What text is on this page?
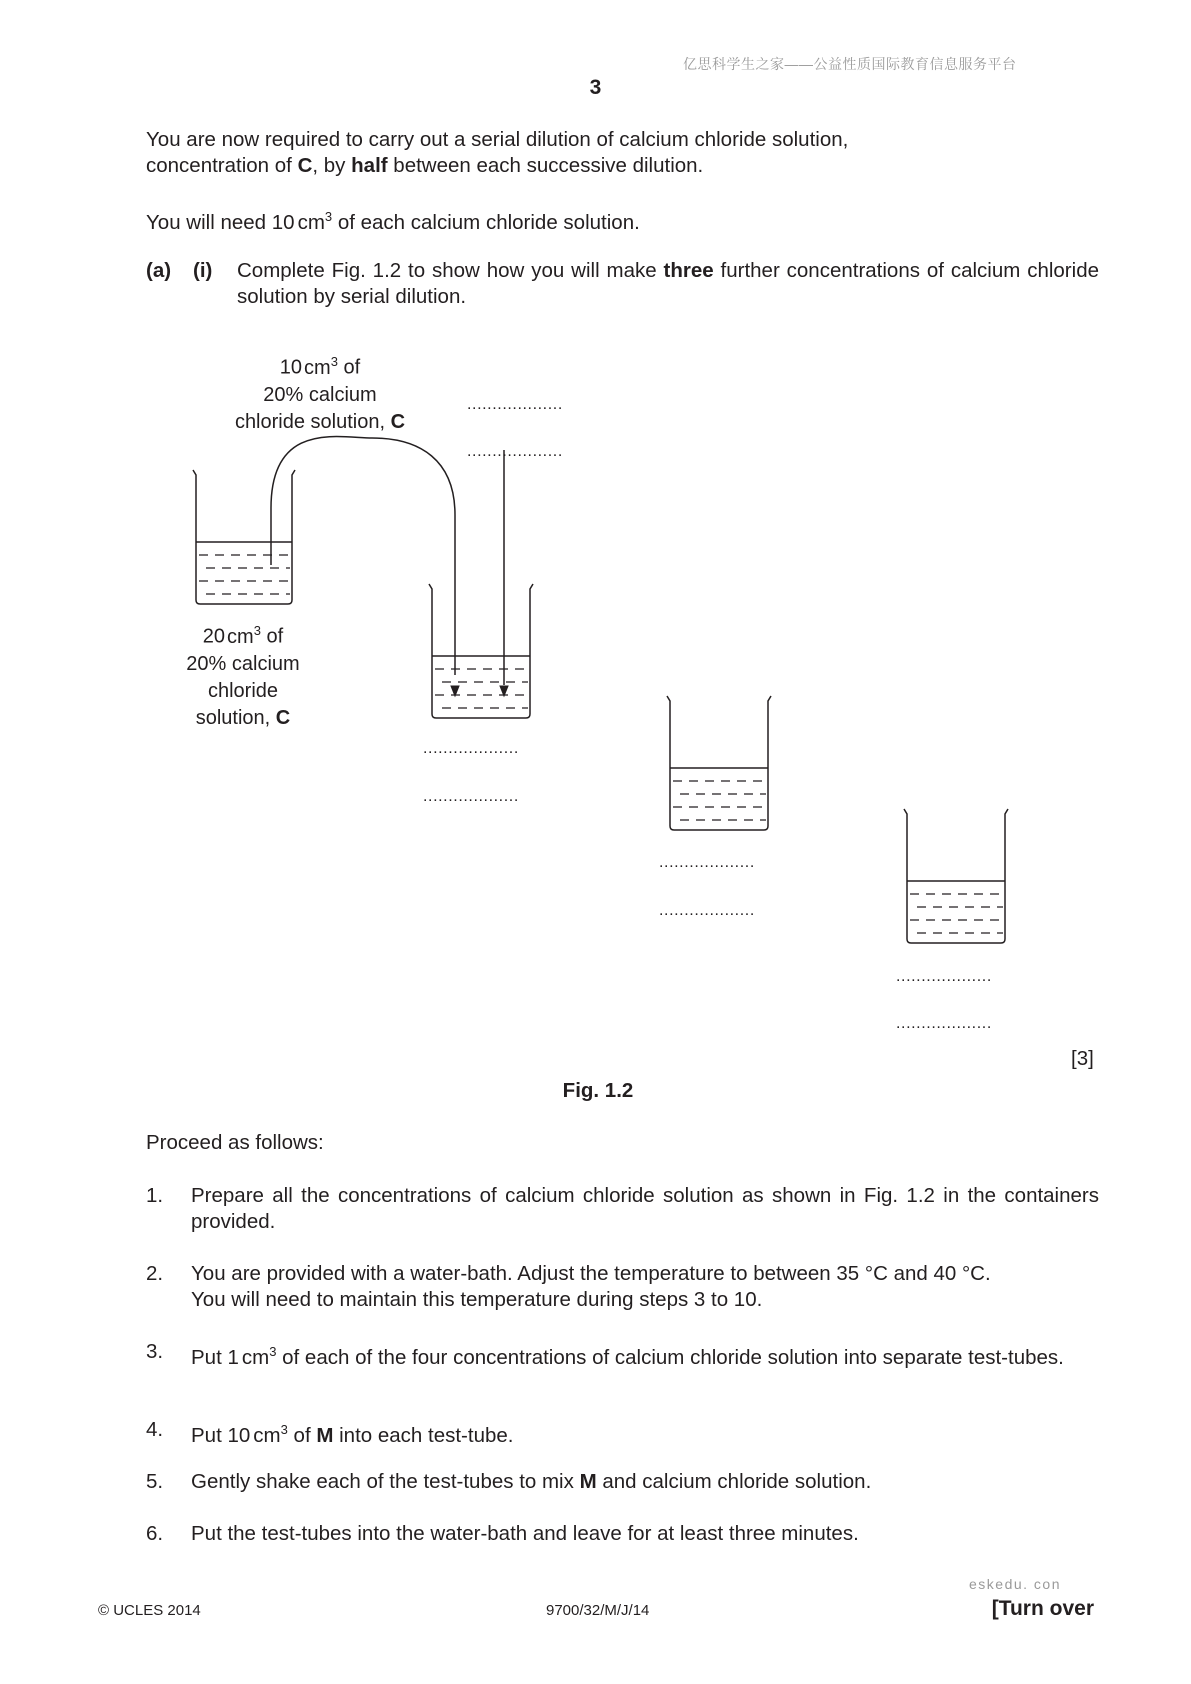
亿思科学生之家——公益性质国际教育信息服务平台
3
You are now required to carry out a serial dilution of calcium chloride solution,
concentration of C, by half between each successive dilution.
You will need 10 $cm^3$ of each calcium chloride solution.
(a) (i) Complete Fig. 1.2 to show how you will make three further concentrations of calcium chloride solution by serial dilution.
10 $cm^3$ of
20% calcium
chloride solution, C
20 $cm^3$ of
20% calcium
chloride
solution, C
...................
...................
...................
...................
...................
...................
...................
...................
[3]
Fig. 1.2
Proceed as follows:
1.	Prepare all the concentrations of calcium chloride solution as shown in Fig. 1.2 in the containers provided.
2.	You are provided with a water-bath. Adjust the temperature to between 35 °C and 40 °C.
You will need to maintain this temperature during steps 3 to 10.
3.	Put 1 $cm^3$ of each of the four concentrations of calcium chloride solution into separate test-tubes.
4.	Put 10 $cm^3$ of M into each test-tube.
5.	Gently shake each of the test-tubes to mix M and calcium chloride solution.
6.	Put the test-tubes into the water-bath and leave for at least three minutes.
eskedu. con
© UCLES 2014	9700/32/M/J/14	[Turn over
